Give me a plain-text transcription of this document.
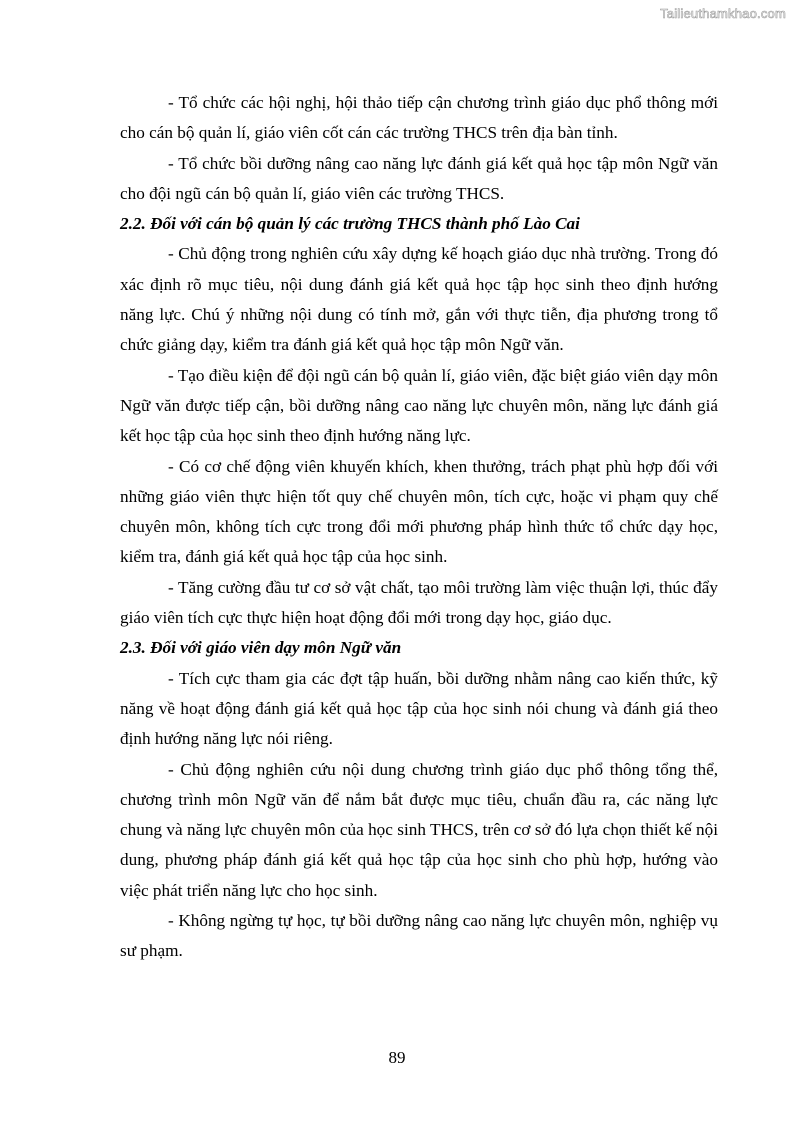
Tailieuthamkhao.com

- Tổ chức các hội nghị, hội thảo tiếp cận chương trình giáo dục phổ thông mới cho cán bộ quản lí, giáo viên cốt cán các trường THCS trên địa bàn tỉnh.

- Tổ chức bồi dưỡng nâng cao năng lực đánh giá kết quả học tập môn Ngữ văn cho đội ngũ cán bộ quản lí, giáo viên các trường THCS.

2.2. Đối với cán bộ quản lý các trường THCS thành phố Lào Cai

- Chủ động trong nghiên cứu xây dựng kế hoạch giáo dục nhà trường. Trong đó xác định rõ mục tiêu, nội dung đánh giá kết quả học tập học sinh theo định hướng năng lực. Chú ý những nội dung có tính mở, gắn với thực tiễn, địa phương trong tổ chức giảng dạy, kiểm tra đánh giá kết quả học tập môn Ngữ văn.

- Tạo điều kiện để đội ngũ cán bộ quản lí, giáo viên, đặc biệt giáo viên dạy môn Ngữ văn được tiếp cận, bồi dưỡng nâng cao năng lực chuyên môn, năng lực đánh giá kết học tập của học sinh theo định hướng năng lực.

- Có cơ chế động viên khuyến khích, khen thưởng, trách phạt phù hợp đối với những giáo viên thực hiện tốt quy chế chuyên môn, tích cực, hoặc vi phạm quy chế chuyên môn, không tích cực trong đổi mới phương pháp hình thức tổ chức dạy học, kiểm tra, đánh giá kết quả học tập của học sinh.

- Tăng cường đầu tư cơ sở vật chất, tạo môi trường làm việc thuận lợi, thúc đẩy giáo viên tích cực thực hiện hoạt động đổi mới trong dạy học, giáo dục.

2.3. Đối với giáo viên dạy môn Ngữ văn

- Tích cực tham gia các đợt tập huấn, bồi dưỡng nhằm nâng cao kiến thức, kỹ năng về hoạt động đánh giá kết quả học tập của học sinh nói chung và đánh giá theo định hướng năng lực nói riêng.

- Chủ động nghiên cứu nội dung chương trình giáo dục phổ thông tổng thể, chương trình môn Ngữ văn để nắm bắt được mục tiêu, chuẩn đầu ra, các năng lực chung và năng lực chuyên môn của học sinh THCS, trên cơ sở đó lựa chọn thiết kế nội dung, phương pháp đánh giá kết quả học tập của học sinh cho phù hợp, hướng vào việc phát triển năng lực cho học sinh.

- Không ngừng tự học, tự bồi dưỡng nâng cao năng lực chuyên môn, nghiệp vụ sư phạm.

89
